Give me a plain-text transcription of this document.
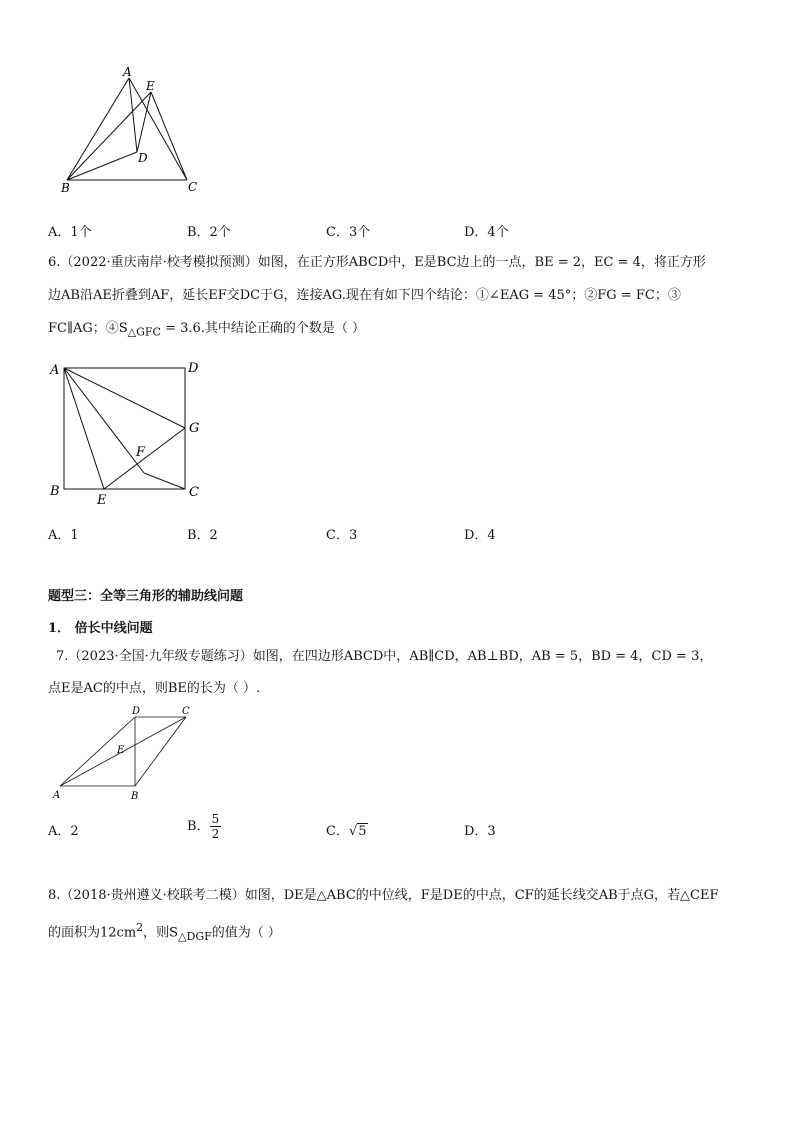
A
E
D
B	C
A．1个	B．2个	C．3个	D．4个
6.（2022·重庆南岸·校考模拟预测）如图，在正方形ABCD中，E是BC边上的一点，BE = 2，EC = 4，将正方形
边AB沿AE折叠到AF，延长EF交DC于G，连接AG.现在有如下四个结论：①∠EAG = 45°；②FG = FC；③
FC∥AG；$④S_{\triangle GFC} = 3.6$.其中结论正确的个数是（ ）
A	D
G
F
B
E
C
A．1	B．2	C．3	D．4
题型三：全等三角形的辅助线问题
1． 倍长中线问题
7.（2023·全国·九年级专题练习）如图，在四边形ABCD中，AB∥CD，AB⊥BD，AB = 5，BD = 4，CD = 3，
点E是AC的中点，则BE的长为（ ）.
D	C
E
A	B
A．2	B． $\frac{5}{2}$	C．√5	D．3
8.（2018·贵州遵义·校联考二模）如图，DE是△ABC的中位线，F是DE的中点，CF的延长线交AB于点G，若△CEF
的面积为$12cm^2$，则$S_{\triangle DGF}$的值为（ ）
